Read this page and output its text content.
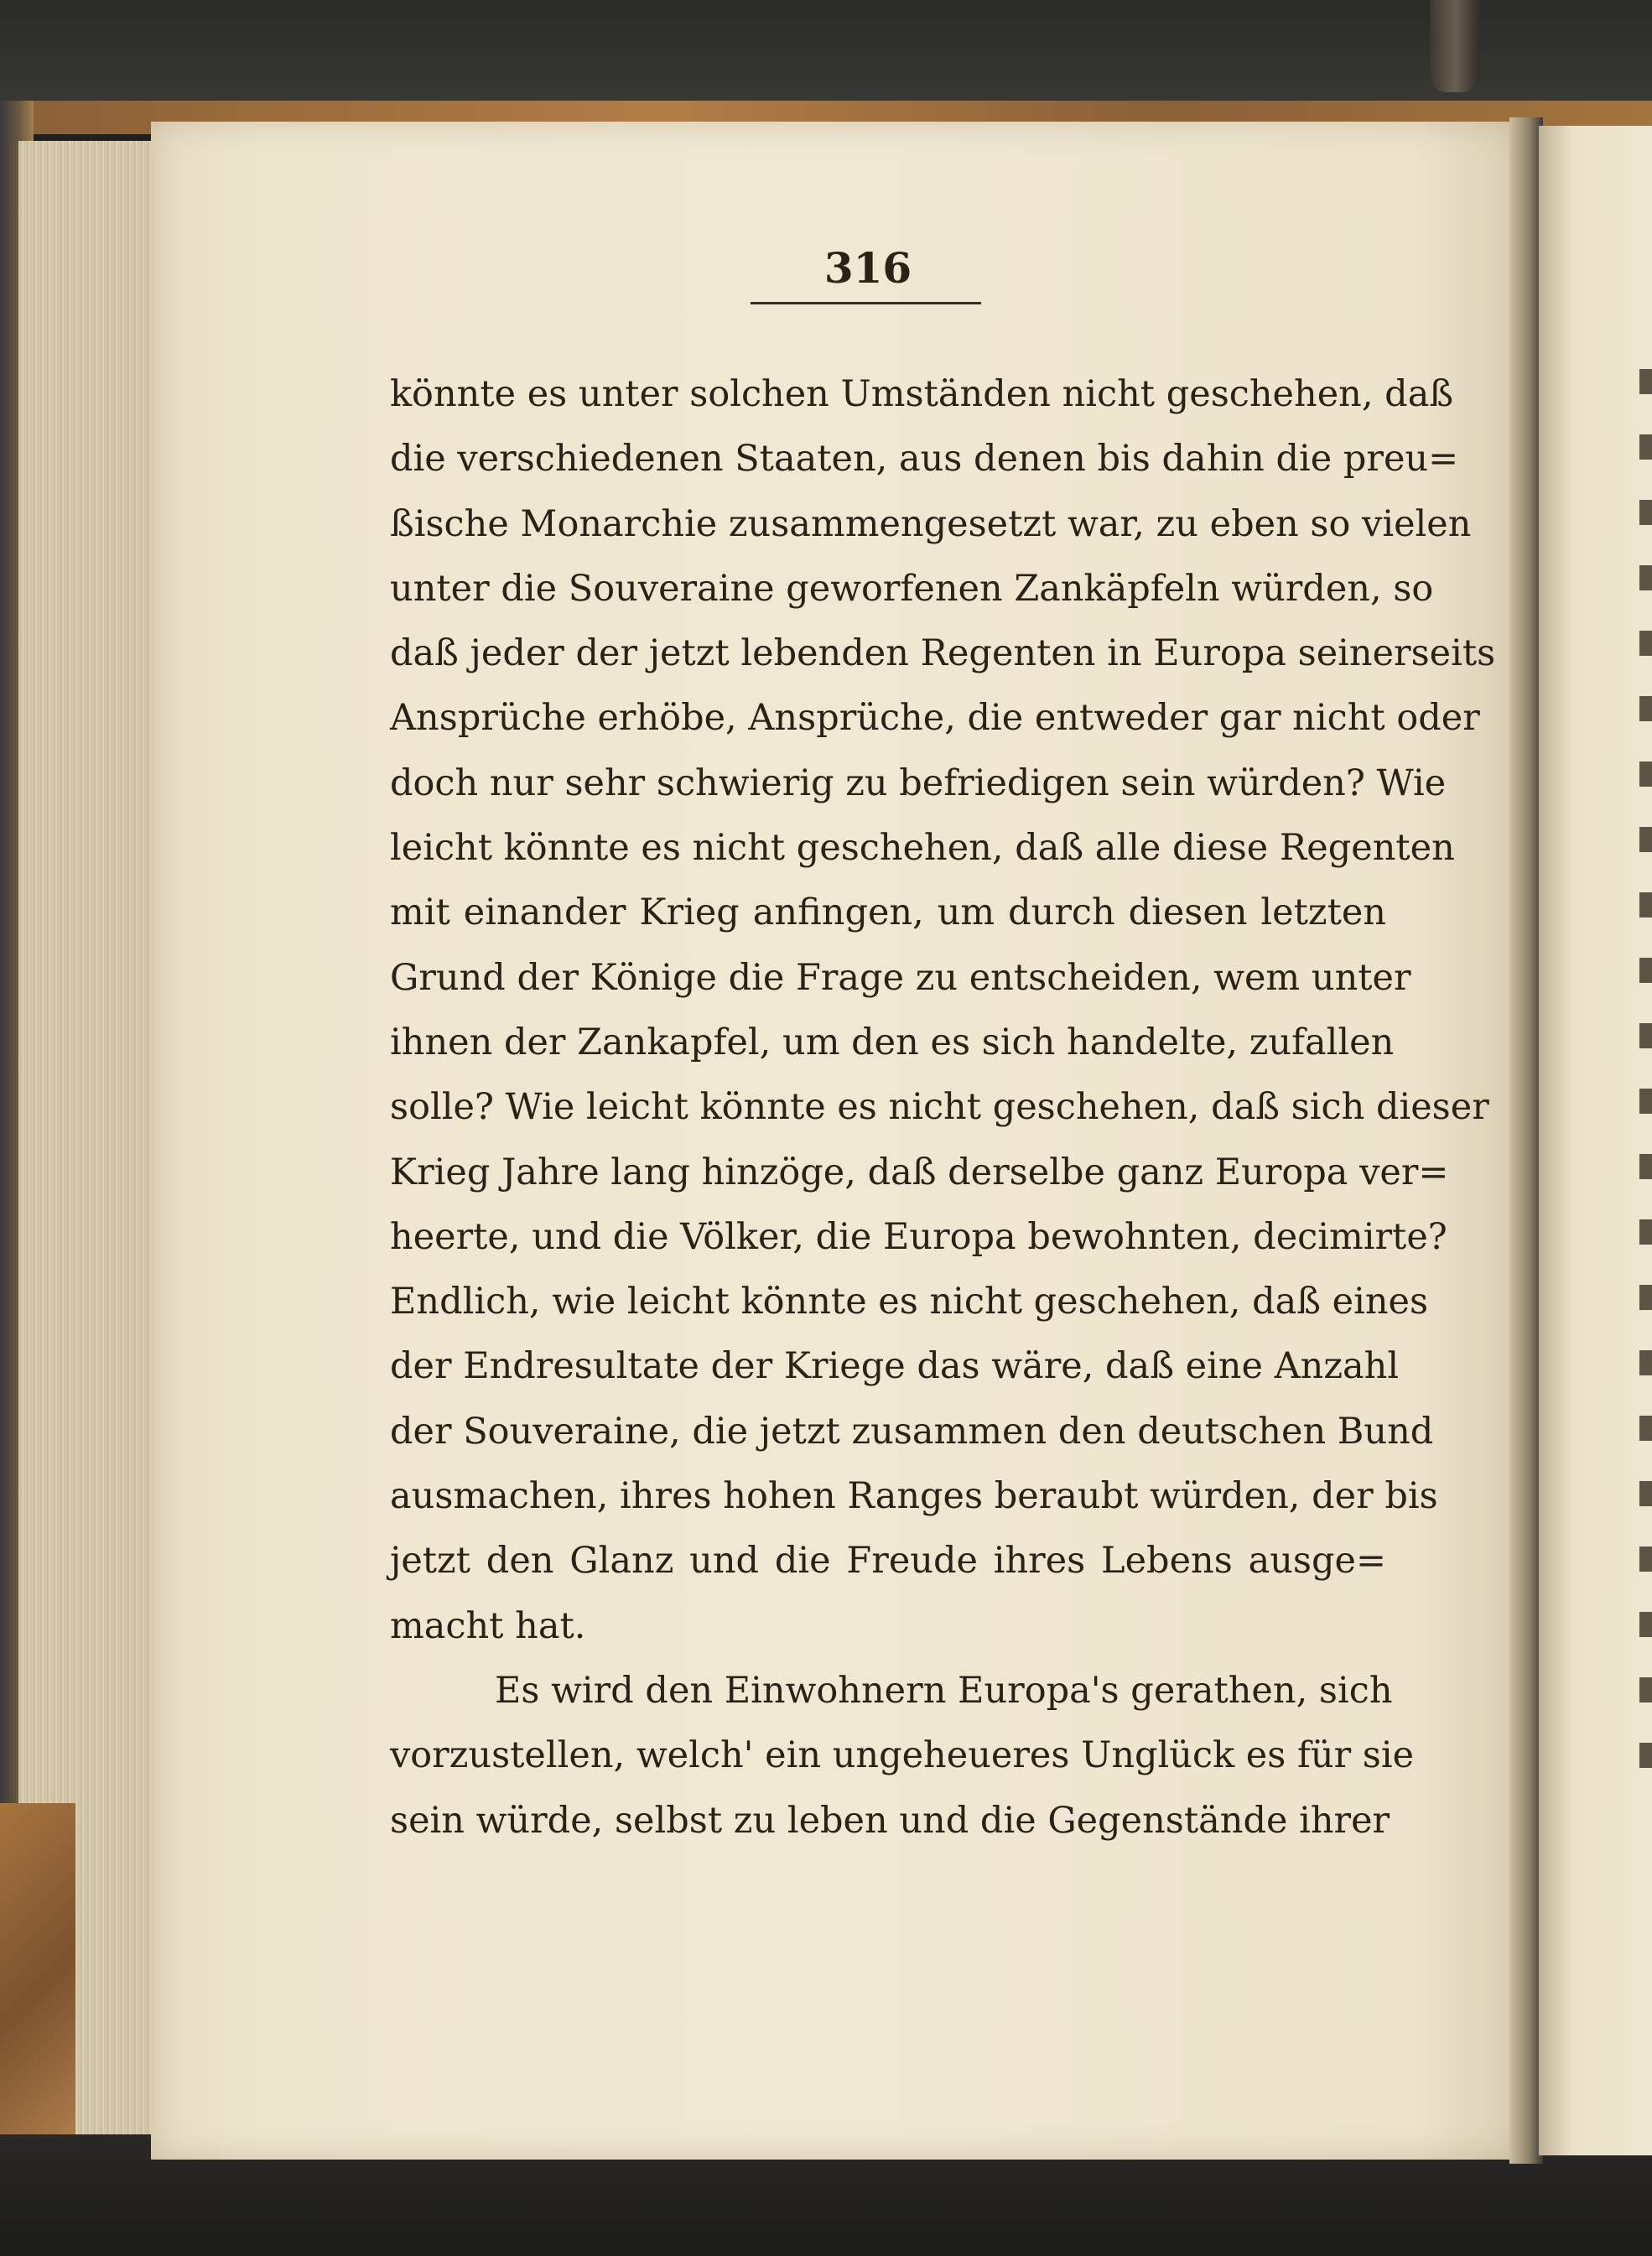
316
könnte es unter solchen Umständen nicht geschehen, daß
die verschiedenen Staaten, aus denen bis dahin die preu=
ßische Monarchie zusammengesetzt war, zu eben so vielen
unter die Souveraine geworfenen Zankäpfeln würden, so
daß jeder der jetzt lebenden Regenten in Europa seinerseits
Ansprüche erhöbe, Ansprüche, die entweder gar nicht oder
doch nur sehr schwierig zu befriedigen sein würden? Wie
leicht könnte es nicht geschehen, daß alle diese Regenten
mit einander Krieg anfingen, um durch diesen letzten
Grund der Könige die Frage zu entscheiden, wem unter
ihnen der Zankapfel, um den es sich handelte, zufallen
solle? Wie leicht könnte es nicht geschehen, daß sich dieser
Krieg Jahre lang hinzöge, daß derselbe ganz Europa ver=
heerte, und die Völker, die Europa bewohnten, decimirte?
Endlich, wie leicht könnte es nicht geschehen, daß eines
der Endresultate der Kriege das wäre, daß eine Anzahl
der Souveraine, die jetzt zusammen den deutschen Bund
ausmachen, ihres hohen Ranges beraubt würden, der bis
jetzt den Glanz und die Freude ihres Lebens ausge=
macht hat.
Es wird den Einwohnern Europa's gerathen, sich
vorzustellen, welch' ein ungeheueres Unglück es für sie
sein würde, selbst zu leben und die Gegenstände ihrer
